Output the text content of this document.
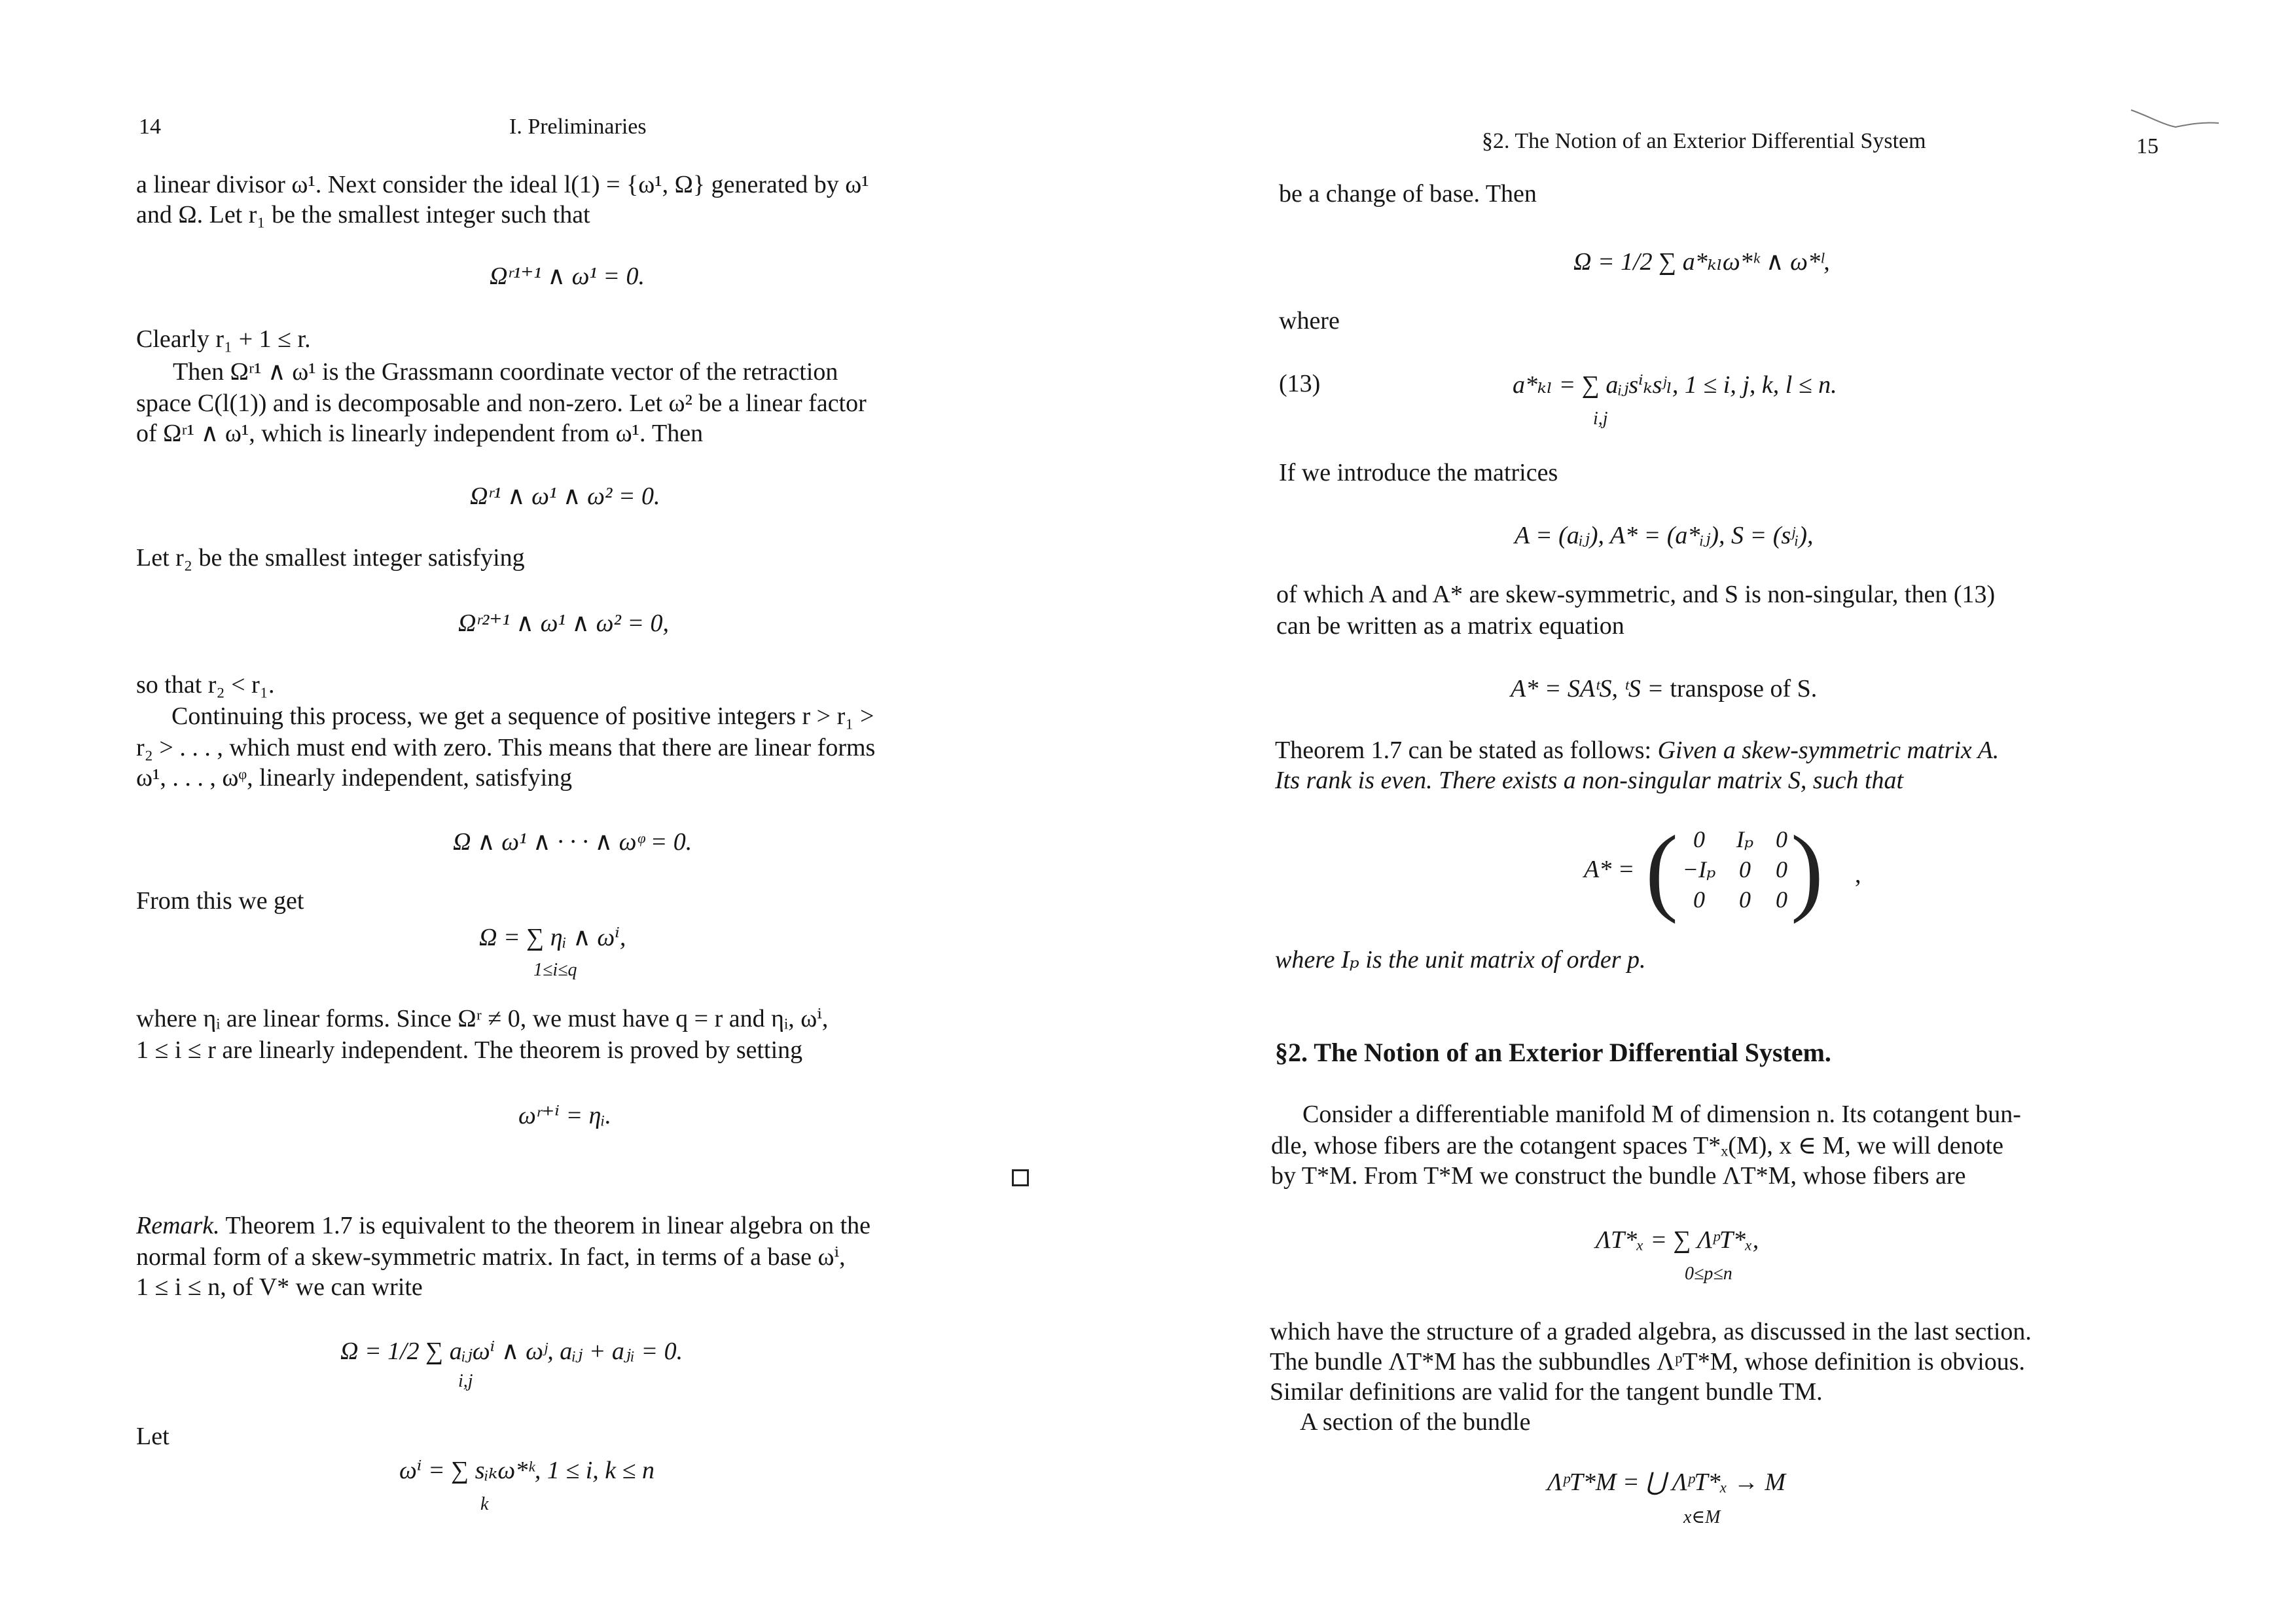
14	I. Preliminaries
a linear divisor ω¹. Next consider the ideal l(1) = {ω¹, Ω} generated by ω¹
and Ω. Let r₁ be the smallest integer such that
Ωʳ¹⁺¹ ∧ ω¹ = 0.
Clearly r₁ + 1 ≤ r.
Then Ωʳ¹ ∧ ω¹ is the Grassmann coordinate vector of the retraction
space C(l(1)) and is decomposable and non-zero. Let ω² be a linear factor
of Ωʳ¹ ∧ ω¹, which is linearly independent from ω¹. Then
Ωʳ¹ ∧ ω¹ ∧ ω² = 0.
Let r₂ be the smallest integer satisfying
Ωʳ²⁺¹ ∧ ω¹ ∧ ω² = 0,
so that r₂ < r₁.
Continuing this process, we get a sequence of positive integers r > r₁ >
r₂ > . . . , which must end with zero. This means that there are linear forms
ω¹, . . . , ωᵠ, linearly independent, satisfying
Ω ∧ ω¹ ∧ · · · ∧ ωᵠ = 0.
From this we get
Ω = ∑ ηᵢ ∧ ωⁱ,
1≤i≤q
where ηᵢ are linear forms. Since Ωʳ ≠ 0, we must have q = r and ηᵢ, ωⁱ,
1 ≤ i ≤ r are linearly independent. The theorem is proved by setting
ωʳ⁺ⁱ = ηᵢ.
Remark. Theorem 1.7 is equivalent to the theorem in linear algebra on the
normal form of a skew-symmetric matrix. In fact, in terms of a base ωⁱ,
1 ≤ i ≤ n, of V* we can write
Ω = 1/2 ∑ aᵢⱼωⁱ ∧ ωʲ, aᵢⱼ + aⱼᵢ = 0.
i,j
Let
ωⁱ = ∑ sᵢₖω*ᵏ, 1 ≤ i, k ≤ n
k
§2. The Notion of an Exterior Differential System	15
be a change of base. Then
Ω = 1/2 ∑ a*ₖₗω*ᵏ ∧ ω*ˡ,
where
(13)	a*ₖₗ = ∑ aᵢⱼsⁱₖsʲₗ, 1 ≤ i, j, k, l ≤ n.
i,j
If we introduce the matrices
A = (aᵢⱼ), A* = (a*ᵢⱼ), S = (sʲᵢ),
of which A and A* are skew-symmetric, and S is non-singular, then (13)
can be written as a matrix equation
A* = SAᵗS, ᵗS = transpose of S.
Theorem 1.7 can be stated as follows: Given a skew-symmetric matrix A.
Its rank is even. There exists a non-singular matrix S, such that
A* = ( 0	Iₚ 0
−Iₚ 0	0
0	0	0 ) ,
where Iₚ is the unit matrix of order p.
§2. The Notion of an Exterior Differential System.
Consider a differentiable manifold M of dimension n. Its cotangent bun-
dle, whose fibers are the cotangent spaces T*ₓ(M), x ∈ M, we will denote
by T*M. From T*M we construct the bundle ΛT*M, whose fibers are
ΛT*ₓ = ∑ ΛᵖT*ₓ,
0≤p≤n
which have the structure of a graded algebra, as discussed in the last section.
The bundle ΛT*M has the subbundles ΛᵖT*M, whose definition is obvious.
Similar definitions are valid for the tangent bundle TM.
A section of the bundle
ΛᵖT*M = ⋃ ΛᵖT*ₓ → M
x∈M
